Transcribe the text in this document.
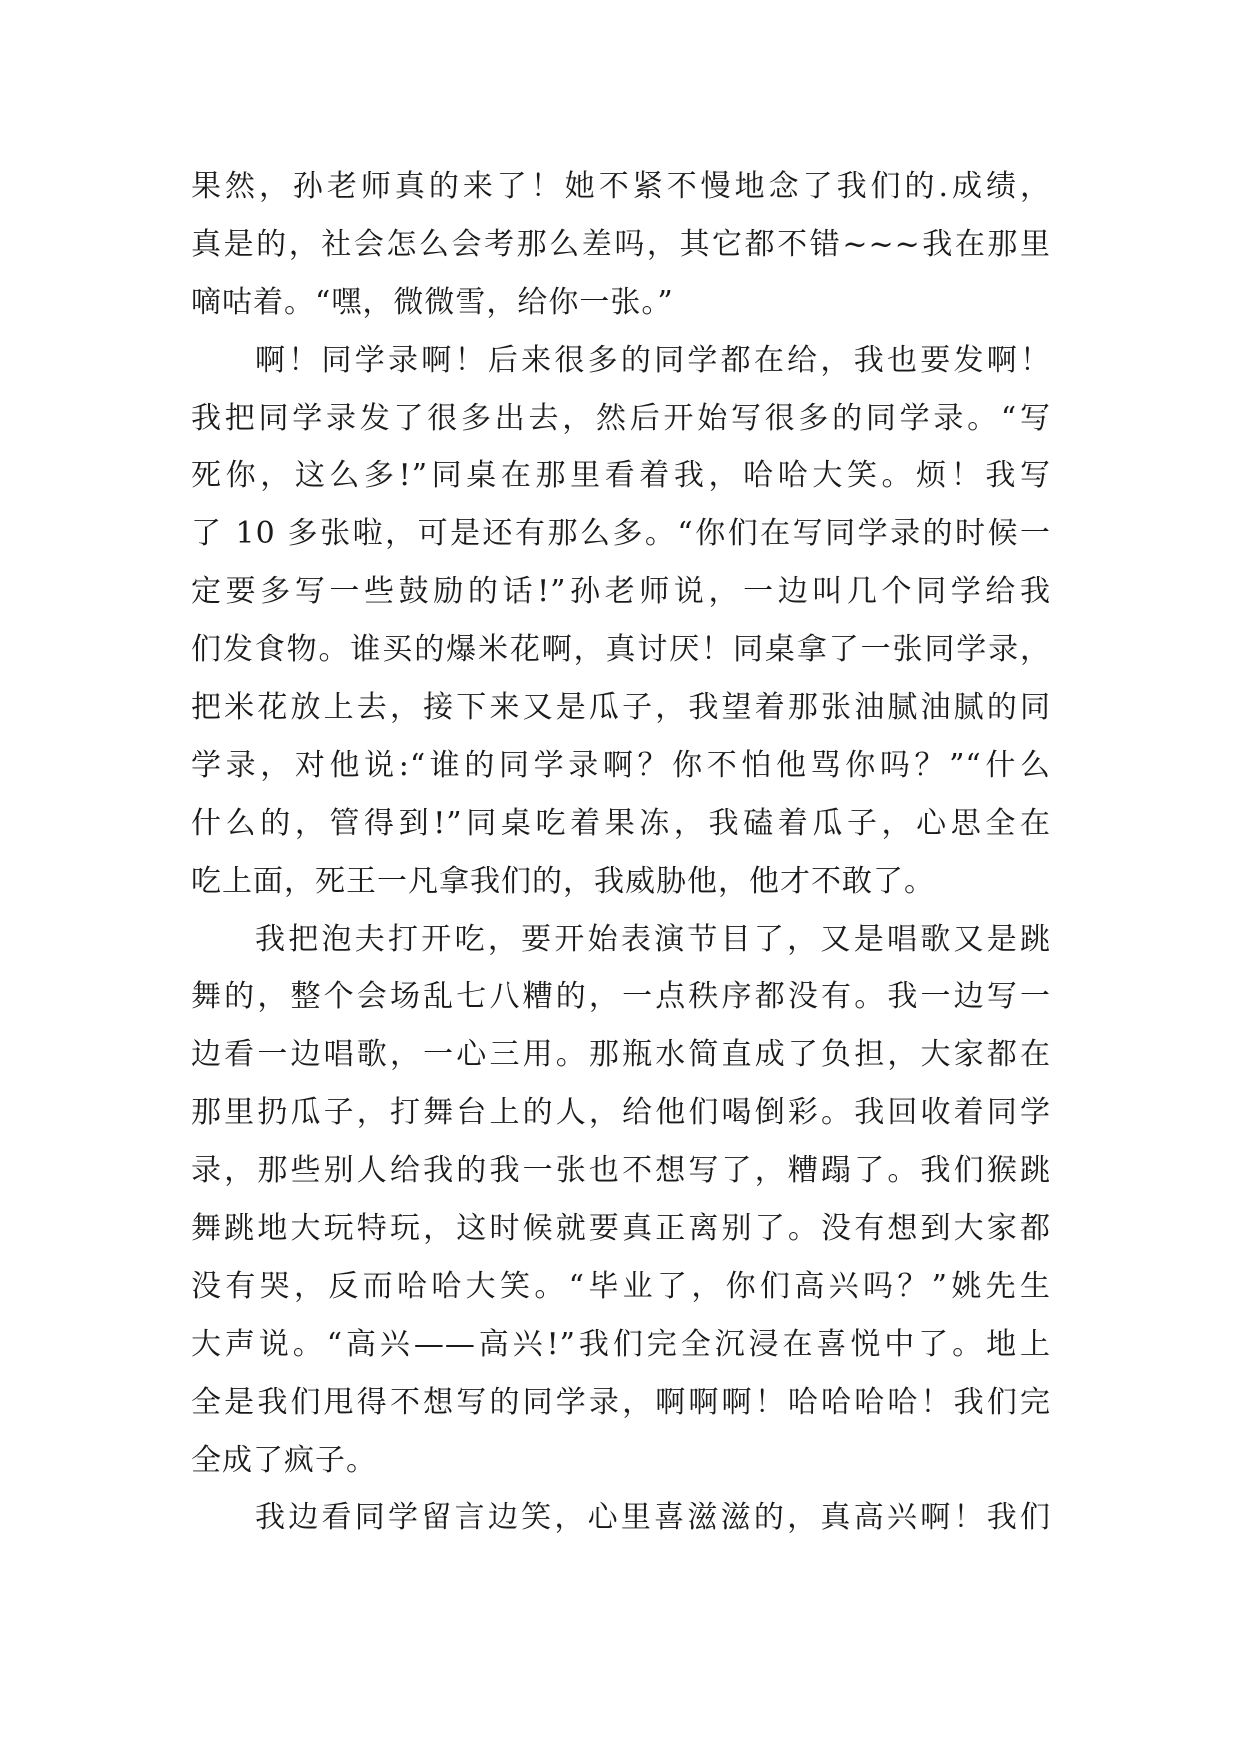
果然，孙老师真的来了！她不紧不慢地念了我们的.成绩，
真是的，社会怎么会考那么差吗，其它都不错~~~我在那里
嘀咕着。“嘿，微微雪，给你一张。”
啊！同学录啊！后来很多的同学都在给，我也要发啊！
我把同学录发了很多出去，然后开始写很多的同学录。“写
死你，这么多!”同桌在那里看着我，哈哈大笑。烦！我写
了 10 多张啦，可是还有那么多。“你们在写同学录的时候一
定要多写一些鼓励的话!”孙老师说，一边叫几个同学给我
们发食物。谁买的爆米花啊，真讨厌！同桌拿了一张同学录，
把米花放上去，接下来又是瓜子，我望着那张油腻油腻的同
学录，对他说:“谁的同学录啊？你不怕他骂你吗？”“什么
什么的，管得到!”同桌吃着果冻，我磕着瓜子，心思全在
吃上面，死王一凡拿我们的，我威胁他，他才不敢了。
我把泡夫打开吃，要开始表演节目了，又是唱歌又是跳
舞的，整个会场乱七八糟的，一点秩序都没有。我一边写一
边看一边唱歌，一心三用。那瓶水简直成了负担，大家都在
那里扔瓜子，打舞台上的人，给他们喝倒彩。我回收着同学
录，那些别人给我的我一张也不想写了，糟蹋了。我们猴跳
舞跳地大玩特玩，这时候就要真正离别了。没有想到大家都
没有哭，反而哈哈大笑。“毕业了，你们高兴吗？”姚先生
大声说。“高兴——高兴!”我们完全沉浸在喜悦中了。地上
全是我们甩得不想写的同学录，啊啊啊！哈哈哈哈！我们完
全成了疯子。
我边看同学留言边笑，心里喜滋滋的，真高兴啊！我们
